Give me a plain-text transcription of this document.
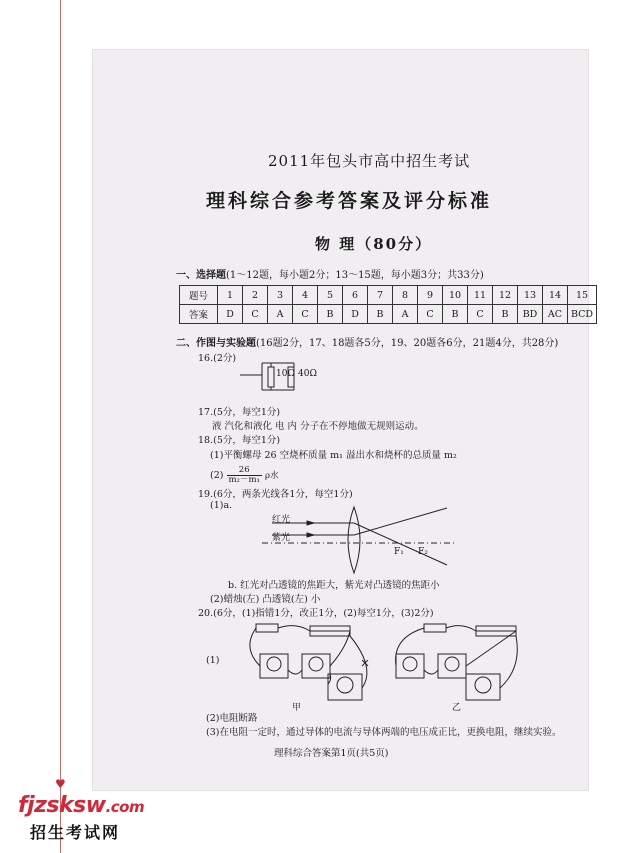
♥
2011年包头市高中招生考试
理科综合参考答案及评分标准
物 理（80分）
一、选择题(1～12题，每小题2分；13～15题，每小题3分；共33分)
题号	1	2	3	4	5	6	7	8	9	10	11	12	13	14	15
答案	D	C	A	C	B	D	B	A	C	B	C	B	BD	AC	BCD
二、作图与实验题(16题2分，17、18题各5分，19、20题各6分，21题4分，共28分)
16.(2分)
10Ω 40Ω
17.(5分，每空1分)
液 汽化和液化 电 内 分子在不停地做无规则运动。
18.(5分，每空1分)
(1)平衡螺母 26 空烧杯质量 m₁ 溢出水和烧杯的总质量 m₂
$(2) \frac{26}{\text{m₂－m₁}}$ ρ水
19.(6分，两条光线各1分，每空1分)
(1)a.
红光
紫光
F₁ F₂
b. 红光对凸透镜的焦距大，紫光对凸透镜的焦距小
(2)蜡烛(左) 凸透镜(左) 小
20.(6分，(1)指错1分，改正1分，(2)每空1分，(3)2分)
(1)
甲	乙
(2)电阻断路
(3)在电阻一定时，通过导体的电流与导体两端的电压成正比，更换电阻，继续实验。
理科综合答案第1页(共5页)
fjzsksw.com
招生考试网
